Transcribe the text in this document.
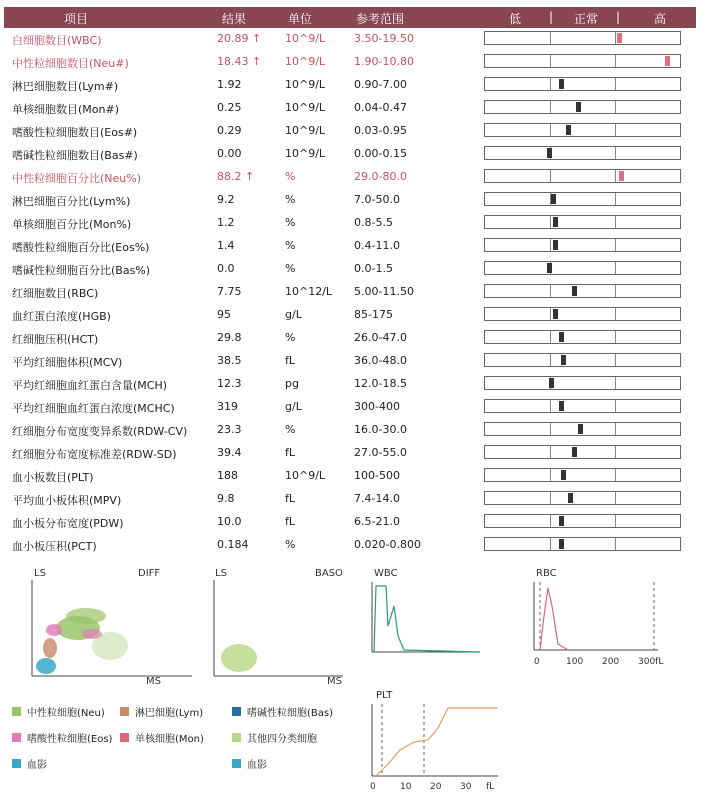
项目	结果	单位	参考范围	低 | 正常 |	高
白细胞数目(WBC)	20.89 ↑ 10^9/L	3.50-19.50
中性粒细胞数目(Neu#)	18.43 ↑ 10^9/L	1.90-10.80
淋巴细胞数目(Lym#)	1.92	10^9/L	0.90-7.00
单核细胞数目(Mon#)	0.25	10^9/L	0.04-0.47
嗜酸性粒细胞数目(Eos#)	0.29	10^9/L	0.03-0.95
嗜碱性粒细胞数目(Bas#)	0.00	10^9/L	0.00-0.15
中性粒细胞百分比(Neu%)	88.2 ↑	%	29.0-80.0
淋巴细胞百分比(Lym%)	9.2	%	7.0-50.0
单核细胞百分比(Mon%)	1.2	%	0.8-5.5
嗜酸性粒细胞百分比(Eos%)	1.4	%	0.4-11.0
嗜碱性粒细胞百分比(Bas%)	0.0	%	0.0-1.5
红细胞数目(RBC)	7.75	10^12/L 5.00-11.50
血红蛋白浓度(HGB)	95	g/L	85-175
红细胞压积(HCT)	29.8	%	26.0-47.0
平均红细胞体积(MCV)	38.5	fL	36.0-48.0
平均红细胞血红蛋白含量(MCH)	12.3	pg	12.0-18.5
平均红细胞血红蛋白浓度(MCHC)	319	g/L	300-400
红细胞分布宽度变异系数(RDW-CV)	23.3	%	16.0-30.0
红细胞分布宽度标准差(RDW-SD)	39.4	fL	27.0-55.0
血小板数目(PLT)	188	10^9/L	100-500
平均血小板体积(MPV)	9.8	fL	7.4-14.0
血小板分布宽度(PDW)	10.0	fL	6.5-21.0
血小板压积(PCT)	0.184	%	0.020-0.800
LS	DIFF
MS
LS	BASO
MS
WBC	RBC
0	100 200 300fL
PLT
0	10 20 30 fL
中性粒细胞(Neu)	淋巴细胞(Lym)	嗜碱性粒细胞(Bas)
嗜酸性粒细胞(Eos) 单核细胞(Mon)	其他四分类细胞
血影	血影
